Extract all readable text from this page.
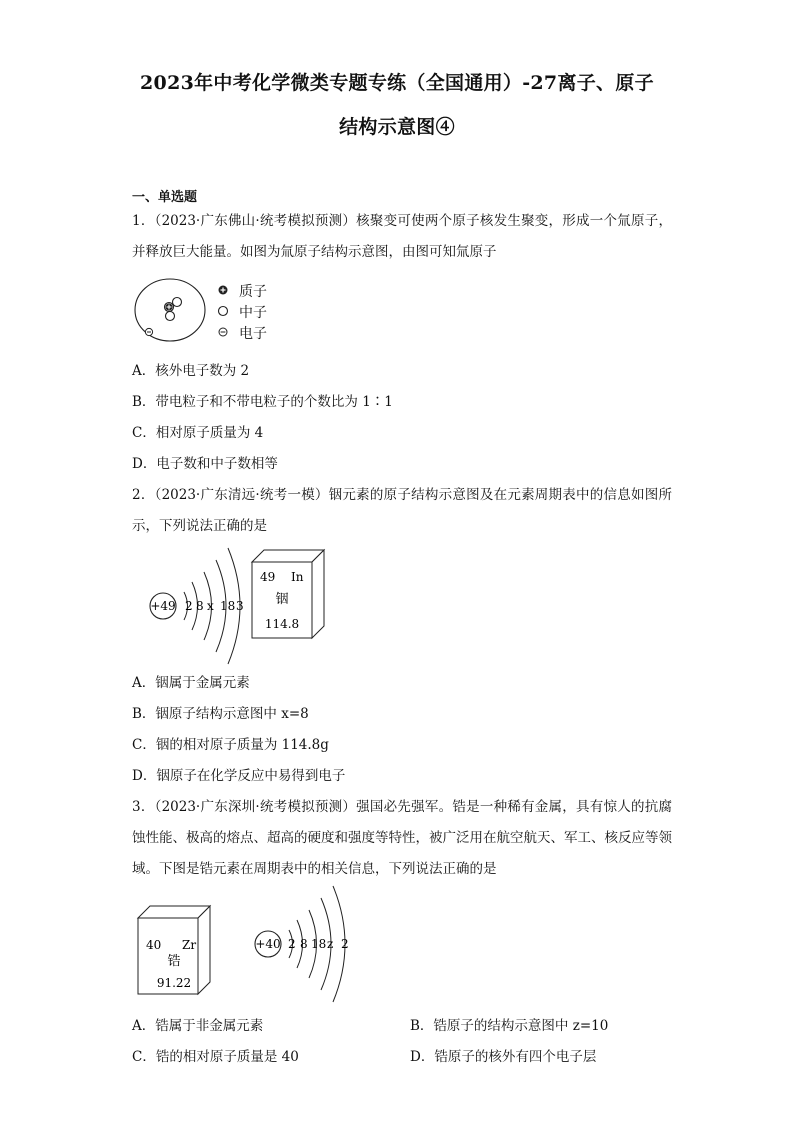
2023年中考化学微类专题专练（全国通用）-27离子、原子
结构示意图④
一、单选题
1．（2023·广东佛山·统考模拟预测）核聚变可使两个原子核发生聚变，形成一个氚原子，并释放巨大能量。如图为氚原子结构示意图，由图可知氚原子
质子
中子
电子
A．核外电子数为 2
B．带电粒子和不带电粒子的个数比为 1∶1
C．相对原子质量为 4
D．电子数和中子数相等
2．（2023·广东清远·统考一模）铟元素的原子结构示意图及在元素周期表中的信息如图所示，下列说法正确的是
+49 2 8 x 18 3
49 In
铟
114.8
A．铟属于金属元素
B．铟原子结构示意图中 x=8
C．铟的相对原子质量为 114.8g
D．铟原子在化学反应中易得到电子
3．（2023·广东深圳·统考模拟预测）强国必先强军。锆是一种稀有金属，具有惊人的抗腐蚀性能、极高的熔点、超高的硬度和强度等特性，被广泛用在航空航天、军工、核反应等领域。下图是锆元素在周期表中的相关信息，下列说法正确的是
40 Zr
锆
91.22
+40 2 8 18 z 2
A．锆属于非金属元素	B．锆原子的结构示意图中 z=10
C．锆的相对原子质量是 40	D．锆原子的核外有四个电子层
